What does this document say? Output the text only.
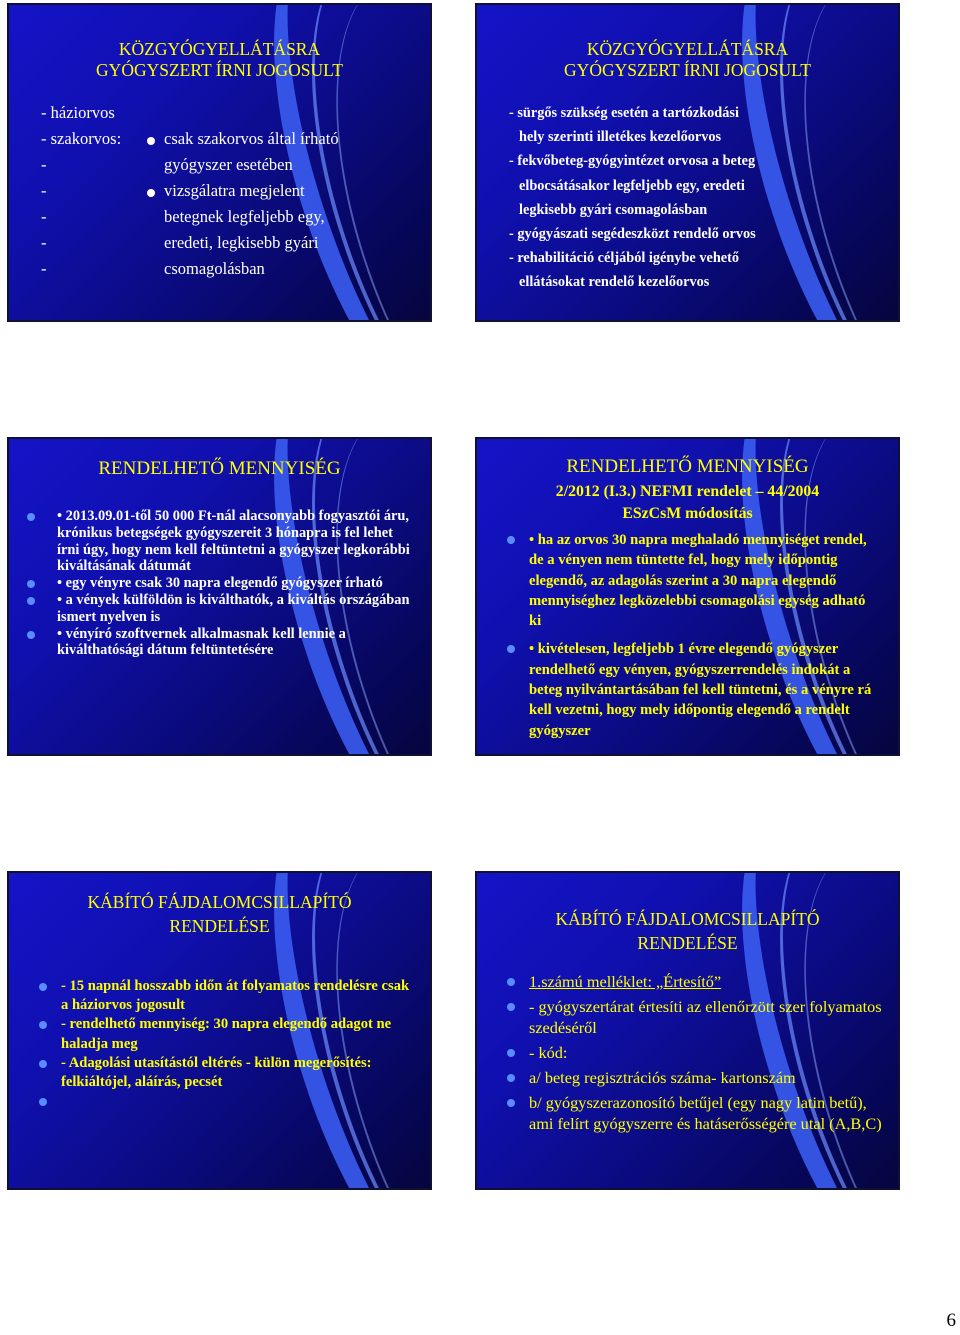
KÖZGYÓGYELLÁTÁSRA
GYÓGYSZERT ÍRNI JOGOSULT
- háziorvos
- szakorvos:	csak szakorvos által írható
-	gyógyszer esetében
-	vizsgálatra megjelent
-	betegnek legfeljebb egy,
-	eredeti, legkisebb gyári
-	csomagolásban
KÖZGYÓGYELLÁTÁSRA
GYÓGYSZERT ÍRNI JOGOSULT
- sürgős szükség esetén a tartózkodási
hely szerinti illetékes kezelőorvos
- fekvőbeteg-gyógyintézet orvosa a beteg
elbocsátásakor legfeljebb egy, eredeti
legkisebb gyári csomagolásban
- gyógyászati segédeszközt rendelő orvos
- rehabilitáció céljából igénybe vehető
ellátásokat rendelő kezelőorvos
RENDELHETŐ MENNYISÉG

• 2013.09.01-től 50 000 Ft-nál alacsonyabb fogyasztói áru, krónikus betegségek gyógyszereit 3 hónapra is fel lehet írni úgy, hogy nem kell feltüntetni a gyógyszer legkorábbi kiváltásának dátumát

• egy vényre csak 30 napra elegendő gyógyszer írható

• a vények külföldön is kiválthatók, a kiváltás országában ismert nyelven is

• vényíró szoftvernek alkalmasnak kell lennie a kiválthatósági dátum feltüntetésére

RENDELHETŐ MENNYISÉG
2/2012 (I.3.) NEFMI rendelet – 44/2004
ESzCsM módosítás

• ha az orvos 30 napra meghaladó mennyiséget rendel, de a vényen nem tüntette fel, hogy mely időpontig elegendő, az adagolás szerint a 30 napra elegendő mennyiséghez legközelebbi csomagolási egység adható ki

• kivételesen, legfeljebb 1 évre elegendő gyógyszer rendelhető egy vényen, gyógyszerrendelés indokát a beteg nyilvántartásában fel kell tüntetni, és a vényre rá kell vezetni, hogy mely időpontig elegendő a rendelt gyógyszer

KÁBÍTÓ FÁJDALOMCSILLAPÍTÓ
RENDELÉSE

- 15 napnál hosszabb időn át folyamatos rendelésre csak a háziorvos jogosult

- rendelhető mennyiség: 30 napra elegendő adagot ne haladja meg

- Adagolási utasítástól eltérés - külön megerősítés: felkiáltójel, aláírás, pecsét

KÁBÍTÓ FÁJDALOMCSILLAPÍTÓ
RENDELÉSE

1.számú melléklet: „Értesítő”

- gyógyszertárat értesíti az ellenőrzött szer folyamatos szedéséről

- kód:

a/ beteg regisztrációs száma- kartonszám

b/ gyógyszerazonosító betűjel (egy nagy latin betű), ami felírt gyógyszerre és hatáserősségére utal (A,B,C)

6
